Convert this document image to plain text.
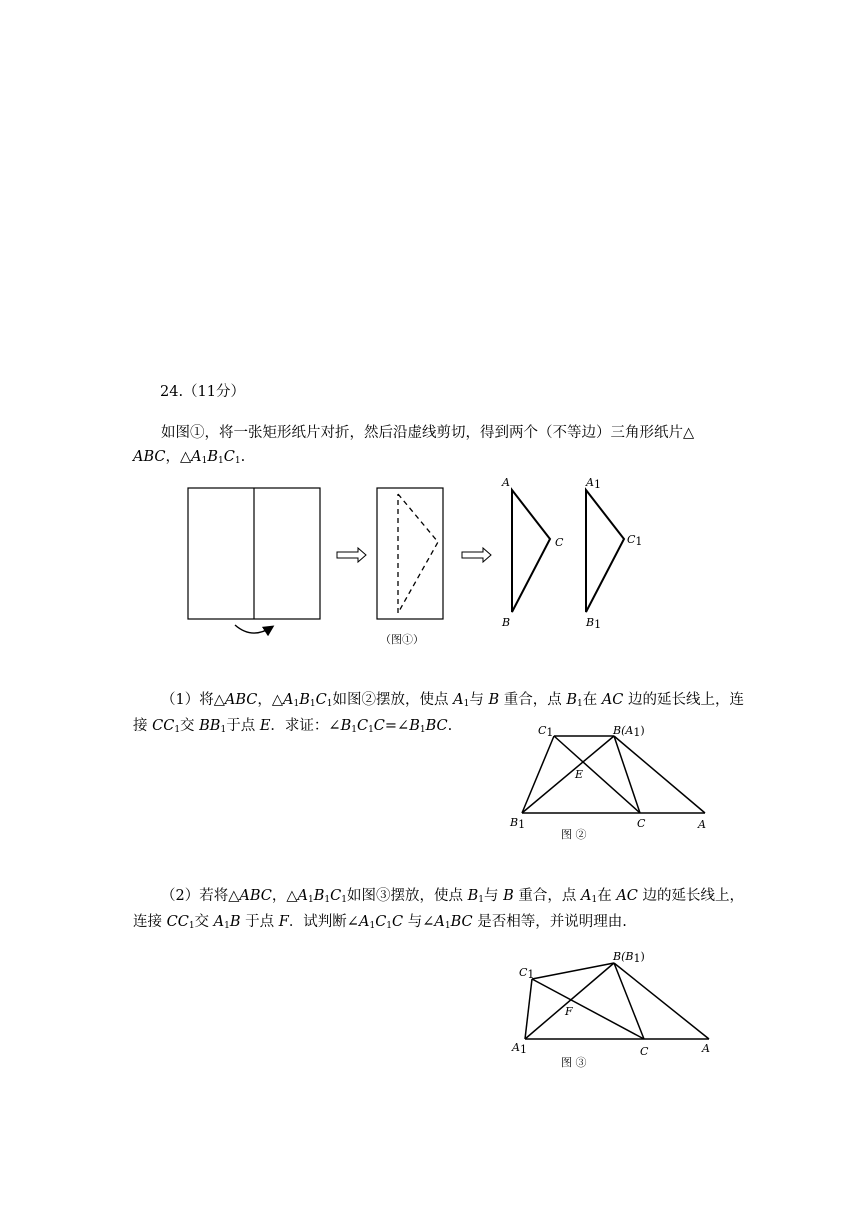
24.（11分）
如图①，将一张矩形纸片对折，然后沿虚线剪切，得到两个（不等边）三角形纸片△
ABC，$\triangle A_1B_1C_1$.
（1）将△ABC，$\triangle A_1B_1C_1$如图②摆放，使点 $A_1$与 B 重合，点 $B_1$在 AC 边的延长线上，连
接 $CC_1$交 $BB_1$于点 E．求证：$\angle B_1C_1C=\angle B_1BC$.
（2）若将△ABC，$\triangle A_1B_1C_1$如图③摆放，使点 $B_1$与 B 重合，点 $A_1$在 AC 边的延长线上，
连接 $CC_1$交 $A_1B$ 于点 F．试判断$\angle A_1C_1C$ 与$\angle A_1BC$ 是否相等，并说明理由.
（图①）
A
C
B
A1
C1
B1
C1	B(A1)
E
B1	C	A
图 ②
B(B1)
C1
F
A1	C	A
图 ③
